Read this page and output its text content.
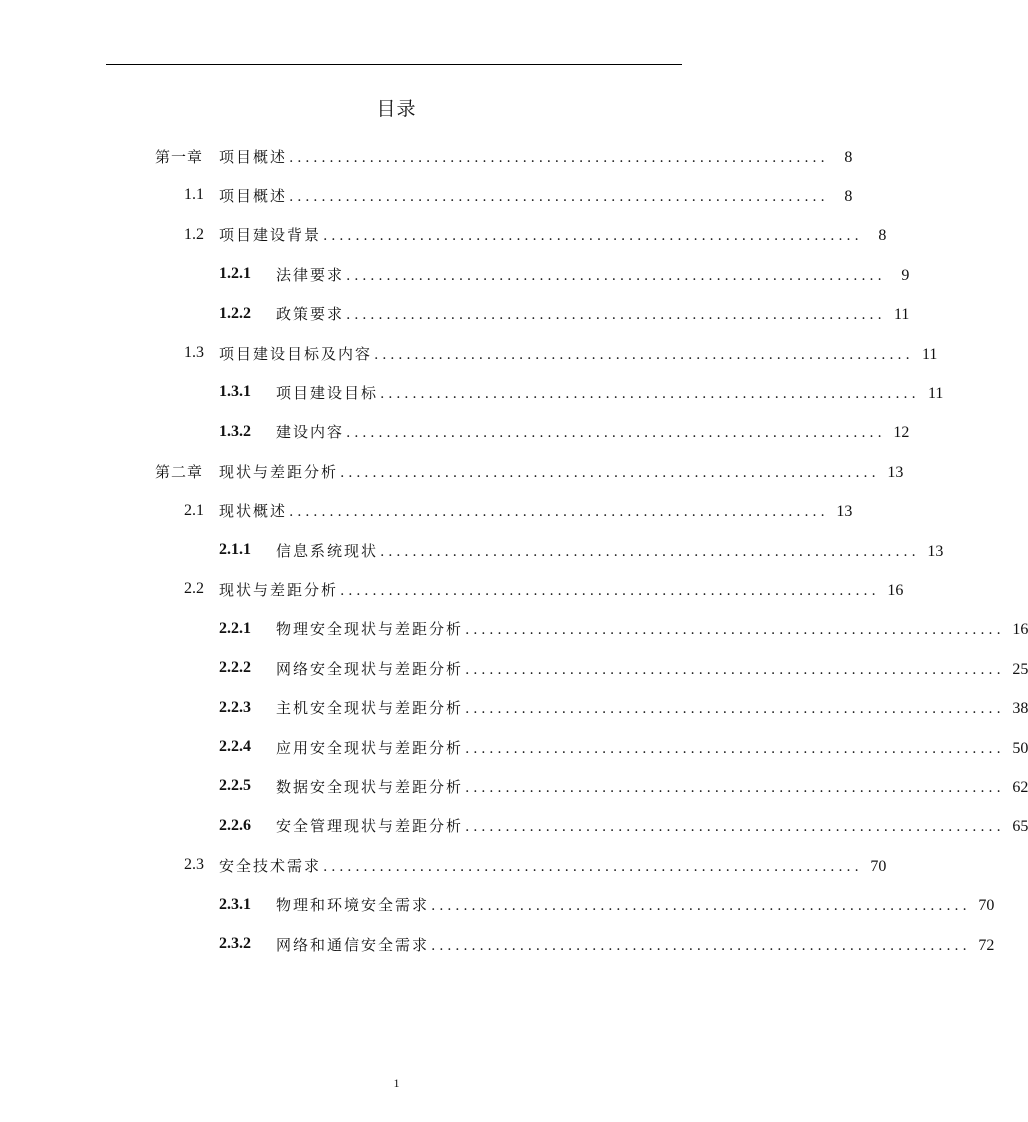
目录
第一章 项目概述 ...................................................................	8
1.1 项目概述 ...................................................................	8
1.2 项目建设背景 ...................................................................	8
1.2.1 法律要求 ...................................................................	9
1.2.2 政策要求 ................................................................... 11
1.3 项目建设目标及内容 ................................................................... 11
1.3.1 项目建设目标 ................................................................... 11
1.3.2 建设内容 ................................................................... 12
第二章 现状与差距分析 ................................................................... 13
2.1 现状概述 ................................................................... 13
2.1.1 信息系统现状 ................................................................... 13
2.2 现状与差距分析 ................................................................... 16
2.2.1 物理安全现状与差距分析 ................................................................... 16
2.2.2 网络安全现状与差距分析 ................................................................... 25
2.2.3 主机安全现状与差距分析 ................................................................... 38
2.2.4 应用安全现状与差距分析 ................................................................... 50
2.2.5 数据安全现状与差距分析 ................................................................... 62
2.2.6 安全管理现状与差距分析 ................................................................... 65
2.3 安全技术需求 ................................................................... 70
2.3.1 物理和环境安全需求 ................................................................... 70
2.3.2 网络和通信安全需求 ................................................................... 72
1
